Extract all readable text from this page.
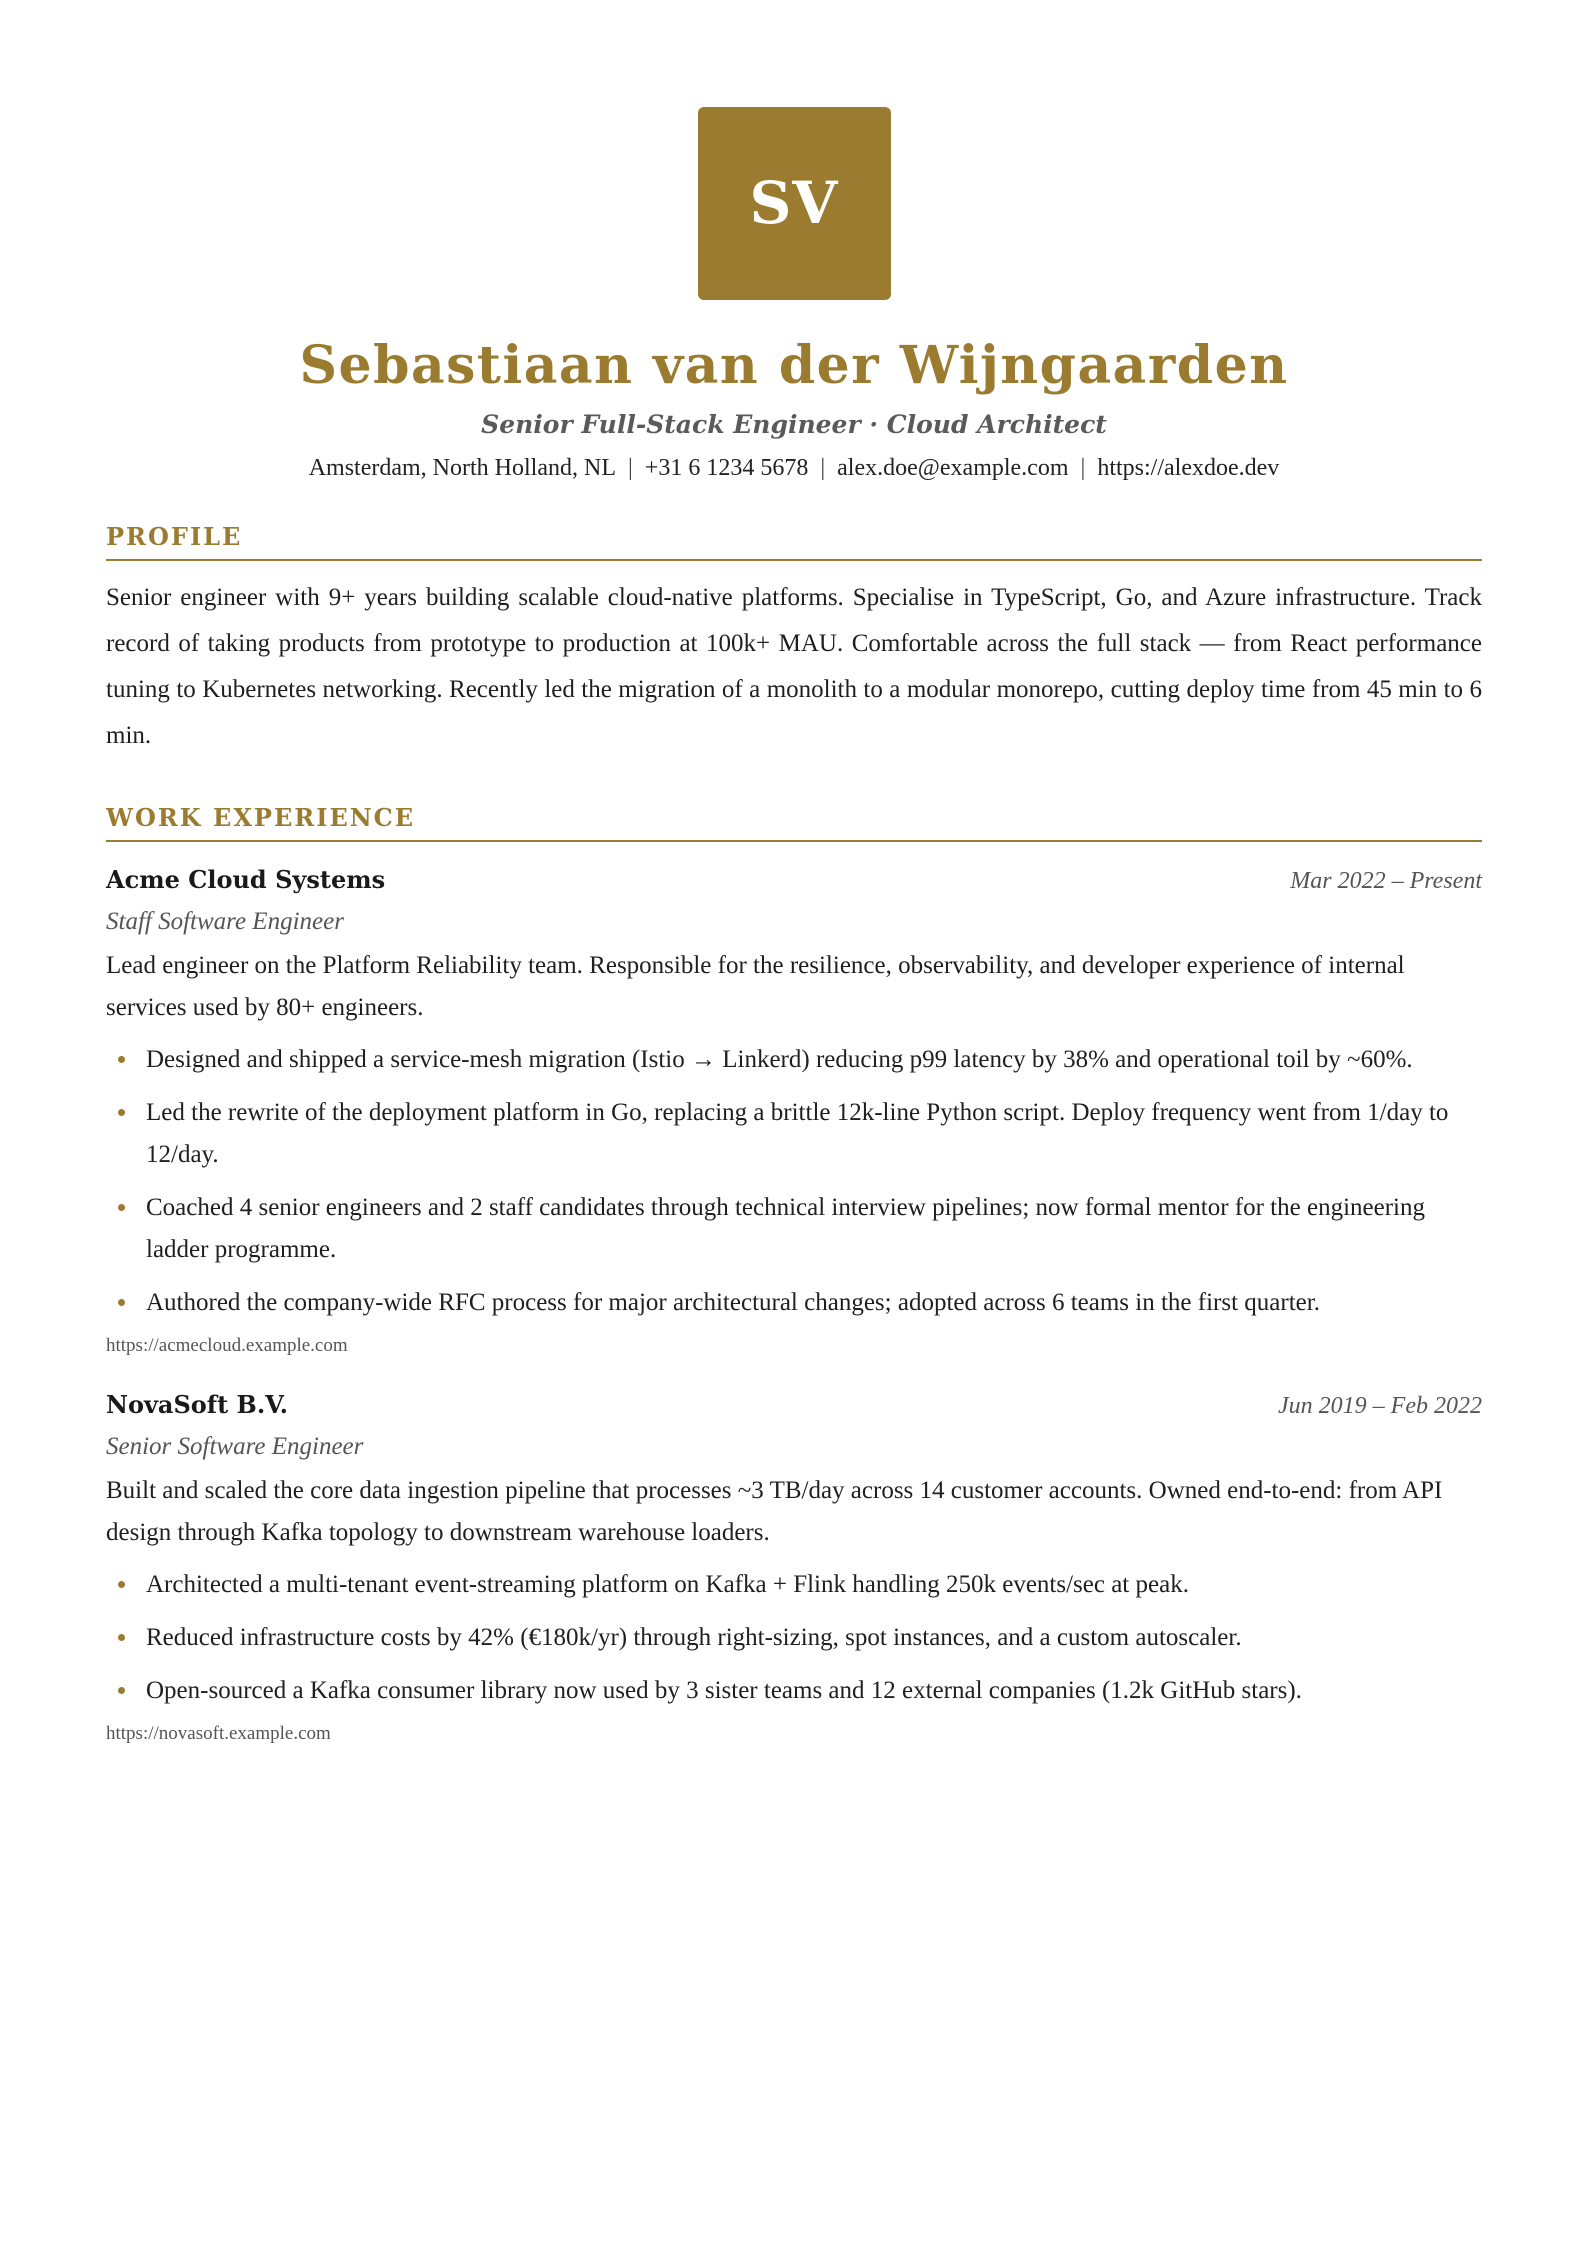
SV
Sebastiaan van der Wijngaarden
Senior Full-Stack Engineer · Cloud Architect
Amsterdam, North Holland, NL | +31 6 1234 5678 | alex.doe@example.com | https://alexdoe.dev
PROFILE
Senior engineer with 9+ years building scalable cloud-native platforms. Specialise in TypeScript, Go, and Azure infrastructure. Track record of taking products from prototype to production at 100k+ MAU. Comfortable across the full stack — from React performance tuning to Kubernetes networking. Recently led the migration of a monolith to a modular monorepo, cutting deploy time from 45 min to 6 min.
WORK EXPERIENCE
Acme Cloud Systems	Mar 2022 – Present
Staff Software Engineer
Lead engineer on the Platform Reliability team. Responsible for the resilience, observability, and developer experience of internal services used by 80+ engineers.
Designed and shipped a service-mesh migration (Istio → Linkerd) reducing p99 latency by 38% and operational toil by ~60%.
Led the rewrite of the deployment platform in Go, replacing a brittle 12k-line Python script. Deploy frequency went from 1/day to 12/day.
Coached 4 senior engineers and 2 staff candidates through technical interview pipelines; now formal mentor for the engineering ladder programme.
Authored the company-wide RFC process for major architectural changes; adopted across 6 teams in the first quarter.
https://acmecloud.example.com
NovaSoft B.V.	Jun 2019 – Feb 2022
Senior Software Engineer
Built and scaled the core data ingestion pipeline that processes ~3 TB/day across 14 customer accounts. Owned end-to-end: from API design through Kafka topology to downstream warehouse loaders.
Architected a multi-tenant event-streaming platform on Kafka + Flink handling 250k events/sec at peak.
Reduced infrastructure costs by 42% (€180k/yr) through right-sizing, spot instances, and a custom autoscaler.
Open-sourced a Kafka consumer library now used by 3 sister teams and 12 external companies (1.2k GitHub stars).
https://novasoft.example.com
